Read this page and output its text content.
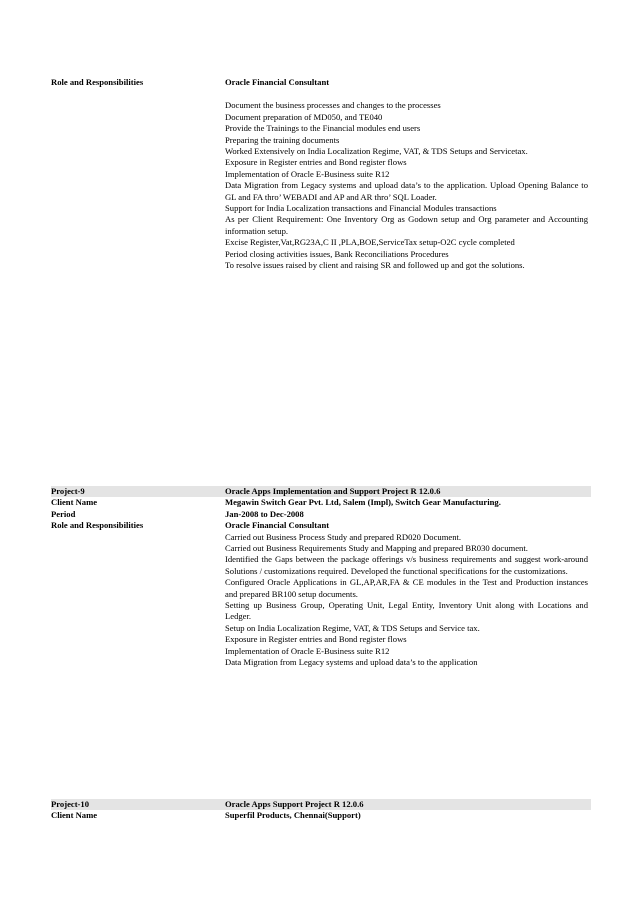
Role and Responsibilities	Oracle Financial Consultant
Document the business processes and changes to the processes
Document preparation of MD050, and TE040
Provide the Trainings to the Financial modules end users
Preparing the training documents
Worked Extensively on India Localization Regime, VAT, & TDS Setups and Servicetax.
Exposure in Register entries and Bond register flows
Implementation of Oracle E-Business suite R12
Data Migration from Legacy systems and upload data’s to the application. Upload Opening Balance to GL and FA thro’ WEBADI and AP and AR thro’ SQL Loader.
Support for India Localization transactions and Financial Modules transactions
As per Client Requirement: One Inventory Org as Godown setup and Org parameter and Accounting information setup.
Excise Register,Vat,RG23A,C II ,PLA,BOE,ServiceTax setup-O2C cycle completed
Period closing activities issues, Bank Reconciliations Procedures
To resolve issues raised by client and raising SR and followed up and got the solutions.
Project-9	Oracle Apps Implementation and Support Project R 12.0.6
Client Name	Megawin Switch Gear Pvt. Ltd, Salem (Impl), Switch Gear Manufacturing.
Period	Jan-2008 to Dec-2008
Role and Responsibilities	Oracle Financial Consultant
Carried out Business Process Study and prepared RD020 Document.
Carried out Business Requirements Study and Mapping and prepared BR030 document.
Identified the Gaps between the package offerings v/s business requirements and suggest work-around Solutions / customizations required. Developed the functional specifications for the customizations.
Configured Oracle Applications in GL,AP,AR,FA & CE modules in the Test and Production instances and prepared BR100 setup documents.
Setting up Business Group, Operating Unit, Legal Entity, Inventory Unit along with Locations and Ledger.
Setup on India Localization Regime, VAT, & TDS Setups and Service tax.
Exposure in Register entries and Bond register flows
Implementation of Oracle E-Business suite R12
Data Migration from Legacy systems and upload data’s to the application
Project-10	Oracle Apps Support Project R 12.0.6
Client Name	Superfil Products, Chennai(Support)
